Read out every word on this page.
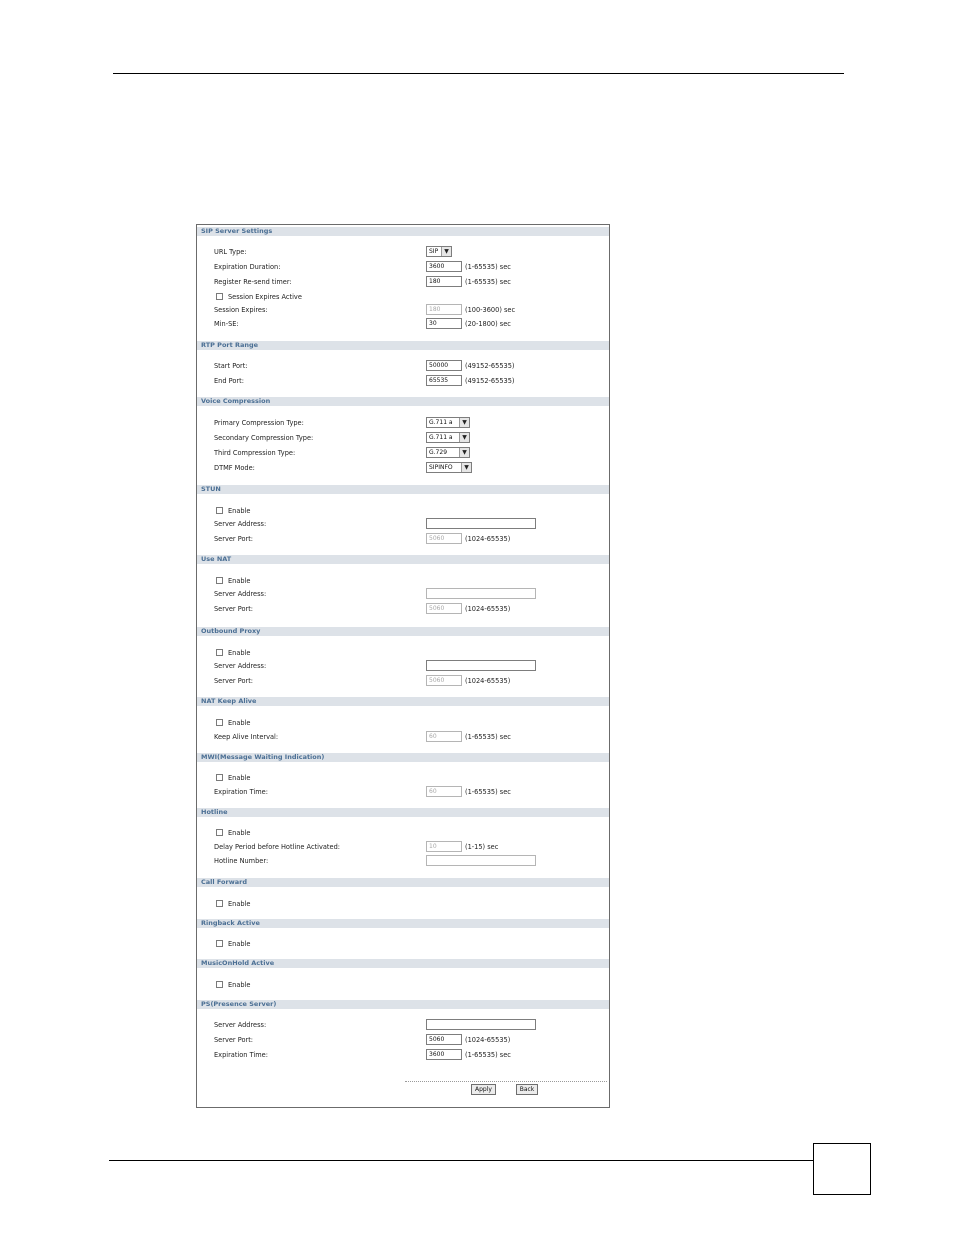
SIP Server Settings
URL Type:	SIP ▼
Expiration Duration:	3600	(1-65535) sec
Register Re-send timer:	180	(1-65535) sec
Session Expires Active
Session Expires:	180	(100-3600) sec
Min-SE:	30	(20-1800) sec
RTP Port Range
Start Port:	50000	(49152-65535)
End Port:	65535	(49152-65535)
Voice Compression
Primary Compression Type:	G.711 a	▼
Secondary Compression Type:	G.711 a	▼
Third Compression Type:	G.729	▼
DTMF Mode:	SIPINFO	▼
STUN
Enable
Server Address:
Server Port:	5060	(1024-65535)
Use NAT
Enable
Server Address:
Server Port:	5060	(1024-65535)
Outbound Proxy
Enable
Server Address:
Server Port:	5060	(1024-65535)
NAT Keep Alive
Enable
Keep Alive Interval:	60	(1-65535) sec
MWI(Message Waiting Indication)
Enable
Expiration Time:	60	(1-65535) sec
Hotline
Enable
Delay Period before Hotline Activated:	10	(1-15) sec
Hotline Number:
Call Forward
Enable
Ringback Active
Enable
MusicOnHold Active
Enable
PS(Presence Server)
Server Address:
Server Port:	5060	(1024-65535)
Expiration Time:	3600	(1-65535) sec
Apply	Back
